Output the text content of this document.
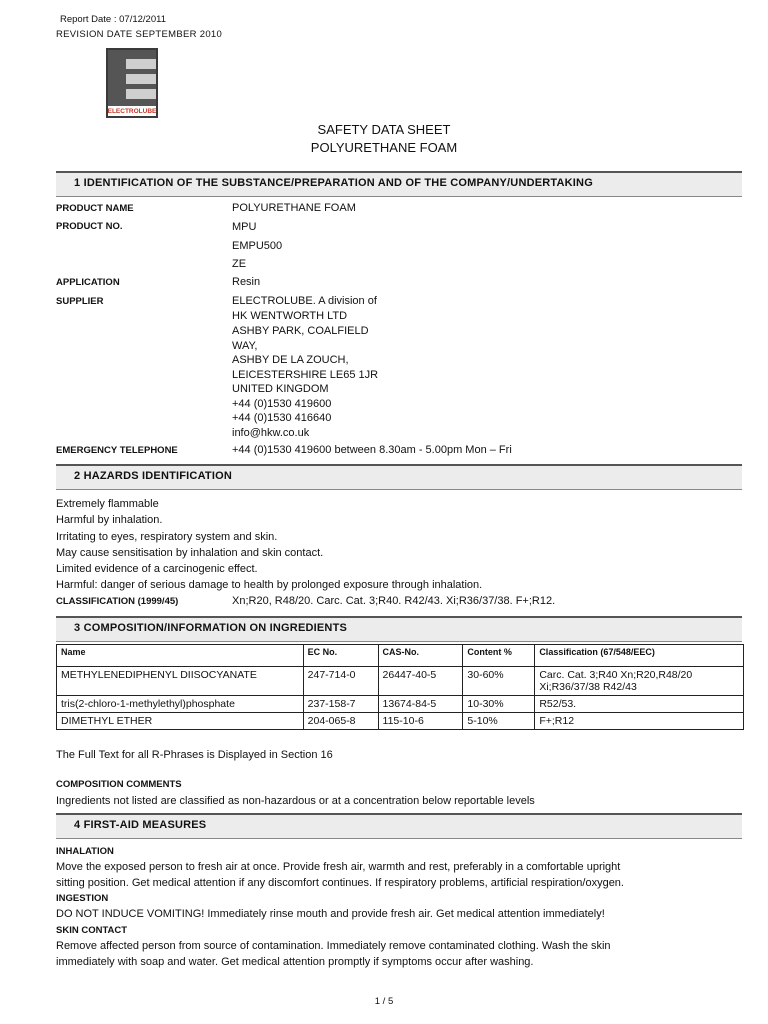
Report Date : 07/12/2011
REVISION DATE SEPTEMBER 2010
ELECTROLUBE
SAFETY DATA SHEET
POLYURETHANE FOAM
1 IDENTIFICATION OF THE SUBSTANCE/PREPARATION AND OF THE COMPANY/UNDERTAKING
PRODUCT NAME	POLYURETHANE FOAM
PRODUCT NO.	MPU
EMPU500
ZE
APPLICATION	Resin
SUPPLIER	ELECTROLUBE. A division of
HK WENTWORTH LTD
ASHBY PARK, COALFIELD
WAY,
ASHBY DE LA ZOUCH,
LEICESTERSHIRE LE65 1JR
UNITED KINGDOM
+44 (0)1530 419600
+44 (0)1530 416640
info@hkw.co.uk
EMERGENCY TELEPHONE	+44 (0)1530 419600 between 8.30am - 5.00pm Mon – Fri
2 HAZARDS IDENTIFICATION
Extremely flammable
Harmful by inhalation.
Irritating to eyes, respiratory system and skin.
May cause sensitisation by inhalation and skin contact.
Limited evidence of a carcinogenic effect.
Harmful: danger of serious damage to health by prolonged exposure through inhalation.
CLASSIFICATION (1999/45)	Xn;R20, R48/20. Carc. Cat. 3;R40. R42/43. Xi;R36/37/38. F+;R12.
3 COMPOSITION/INFORMATION ON INGREDIENTS
Name	EC No.	CAS-No.	Content %	Classification (67/548/EEC)
METHYLENEDIPHENYL DIISOCYANATE	247-714-0	26447-40-5	30-60%	Carc. Cat. 3;R40 Xn;R20,R48/20 Xi;R36/37/38 R42/43
tris(2-chloro-1-methylethyl)phosphate	237-158-7	13674-84-5	10-30%	R52/53.
DIMETHYL ETHER	204-065-8	115-10-6	5-10%	F+;R12
The Full Text for all R-Phrases is Displayed in Section 16
COMPOSITION COMMENTS
Ingredients not listed are classified as non-hazardous or at a concentration below reportable levels
4 FIRST-AID MEASURES
INHALATION
Move the exposed person to fresh air at once. Provide fresh air, warmth and rest, preferably in a comfortable upright
sitting position. Get medical attention if any discomfort continues. If respiratory problems, artificial respiration/oxygen.
INGESTION
DO NOT INDUCE VOMITING! Immediately rinse mouth and provide fresh air. Get medical attention immediately!
SKIN CONTACT
Remove affected person from source of contamination. Immediately remove contaminated clothing. Wash the skin
immediately with soap and water. Get medical attention promptly if symptoms occur after washing.
1 / 5
